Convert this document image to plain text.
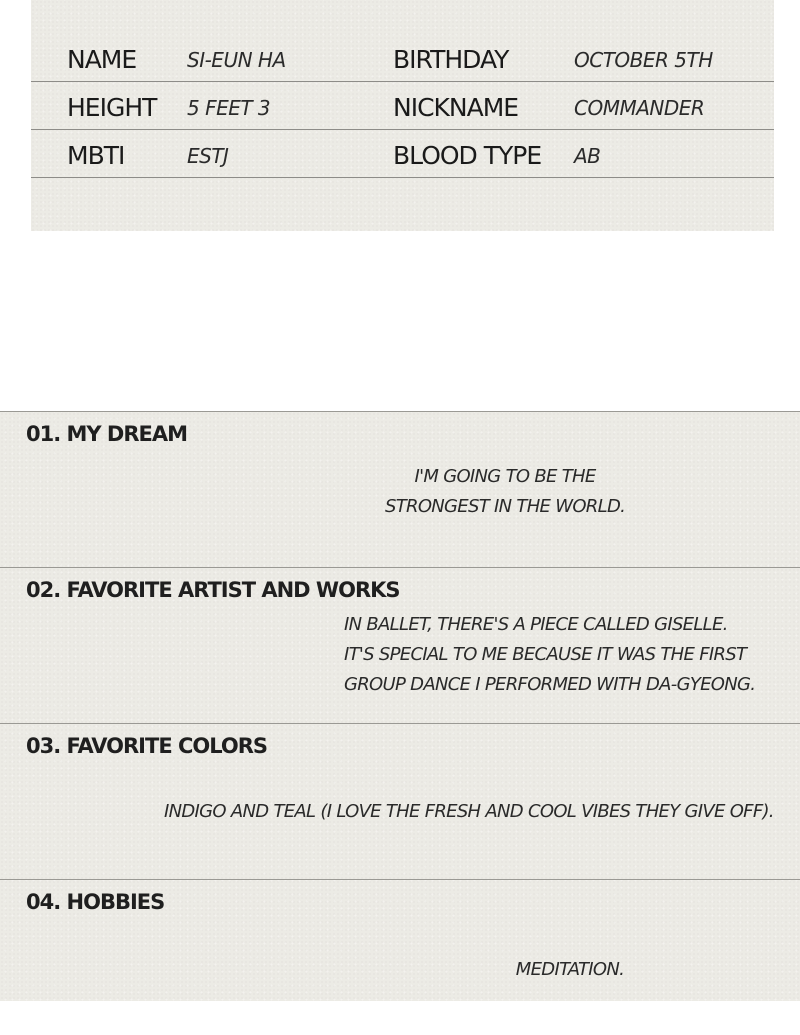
NAME	SI-EUN HA	BIRTHDAY	OCTOBER 5TH
HEIGHT 5 FEET 3	NICKNAME	COMMANDER
MBTI	ESTJ	BLOOD TYPE AB
01. MY DREAM
I'M GOING TO BE THE
STRONGEST IN THE WORLD.
02. FAVORITE ARTIST AND WORKS
IN BALLET, THERE'S A PIECE CALLED GISELLE.
IT'S SPECIAL TO ME BECAUSE IT WAS THE FIRST
GROUP DANCE I PERFORMED WITH DA-GYEONG.
03. FAVORITE COLORS
INDIGO AND TEAL (I LOVE THE FRESH AND COOL VIBES THEY GIVE OFF).
04. HOBBIES
MEDITATION.
